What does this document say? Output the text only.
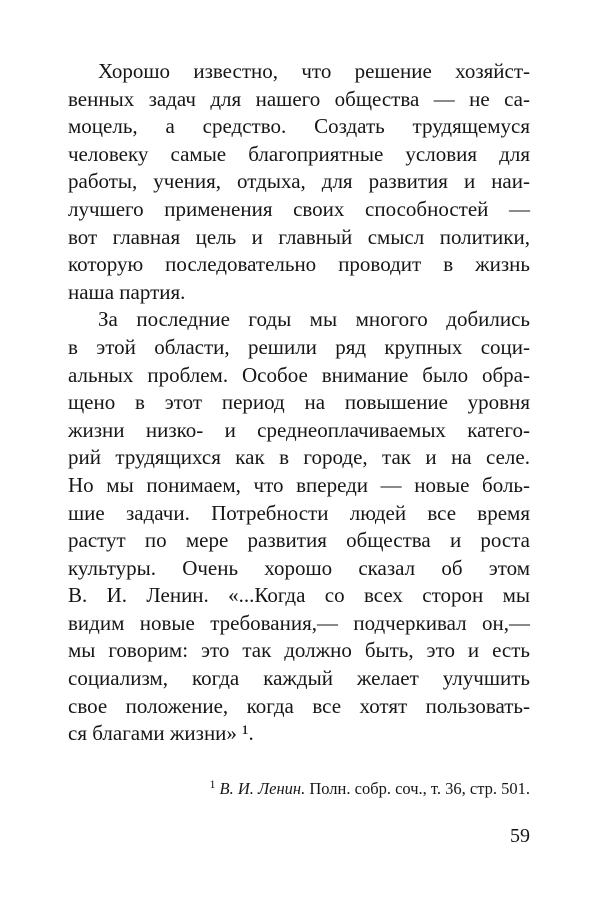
Хорошо известно, что решение хозяйст-
венных задач для нашего общества — не са-
моцель, а средство. Создать трудящемуся
человеку самые благоприятные условия для
работы, учения, отдыха, для развития и наи-
лучшего применения своих способностей —
вот главная цель и главный смысл политики,
которую последовательно проводит в жизнь
наша партия.
За последние годы мы многого добились
в этой области, решили ряд крупных соци-
альных проблем. Особое внимание было обра-
щено в этот период на повышение уровня
жизни низко- и среднеоплачиваемых катего-
рий трудящихся как в городе, так и на селе.
Но мы понимаем, что впереди — новые боль-
шие задачи. Потребности людей все время
растут по мере развития общества и роста
культуры. Очень хорошо сказал об этом
В. И. Ленин. «...Когда со всех сторон мы
видим новые требования,— подчеркивал он,—
мы говорим: это так должно быть, это и есть
социализм, когда каждый желает улучшить
свое положение, когда все хотят пользовать-
ся благами жизни» ¹.
$^1$ В. И. Ленин. Полн. собр. соч., т. 36, стр. 501.
59
